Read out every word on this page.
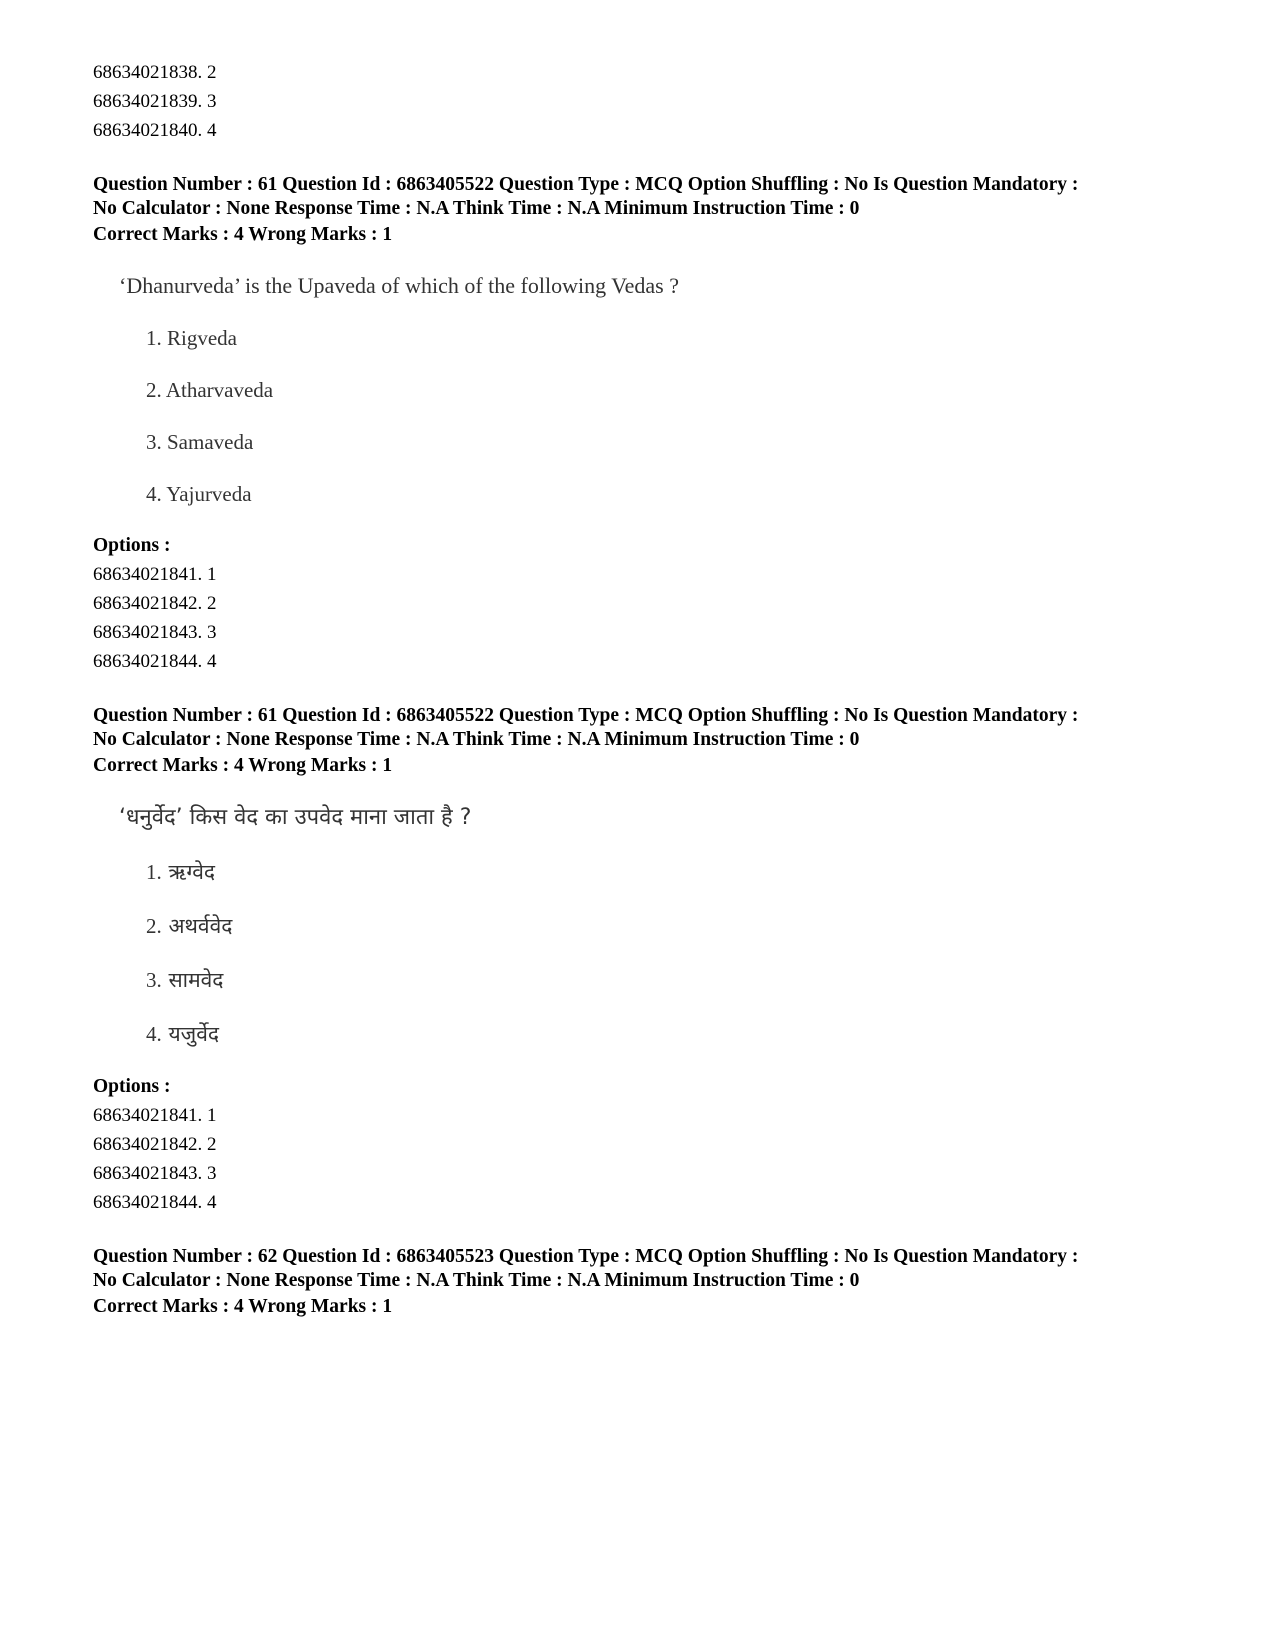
68634021838. 2
68634021839. 3
68634021840. 4
Question Number : 61 Question Id : 6863405522 Question Type : MCQ Option Shuffling : No Is Question Mandatory :
No Calculator : None Response Time : N.A Think Time : N.A Minimum Instruction Time : 0
Correct Marks : 4 Wrong Marks : 1
‘Dhanurveda’ is the Upaveda of which of the following Vedas ?
1. Rigveda
2. Atharvaveda
3. Samaveda
4. Yajurveda
Options :
68634021841. 1
68634021842. 2
68634021843. 3
68634021844. 4
Question Number : 61 Question Id : 6863405522 Question Type : MCQ Option Shuffling : No Is Question Mandatory :
No Calculator : None Response Time : N.A Think Time : N.A Minimum Instruction Time : 0
Correct Marks : 4 Wrong Marks : 1
‘धनुर्वेद’ किस वेद का उपवेद माना जाता है ?
1. ऋग्वेद
2. अथर्ववेद
3. सामवेद
4. यजुर्वेद
Options :
68634021841. 1
68634021842. 2
68634021843. 3
68634021844. 4
Question Number : 62 Question Id : 6863405523 Question Type : MCQ Option Shuffling : No Is Question Mandatory :
No Calculator : None Response Time : N.A Think Time : N.A Minimum Instruction Time : 0
Correct Marks : 4 Wrong Marks : 1
